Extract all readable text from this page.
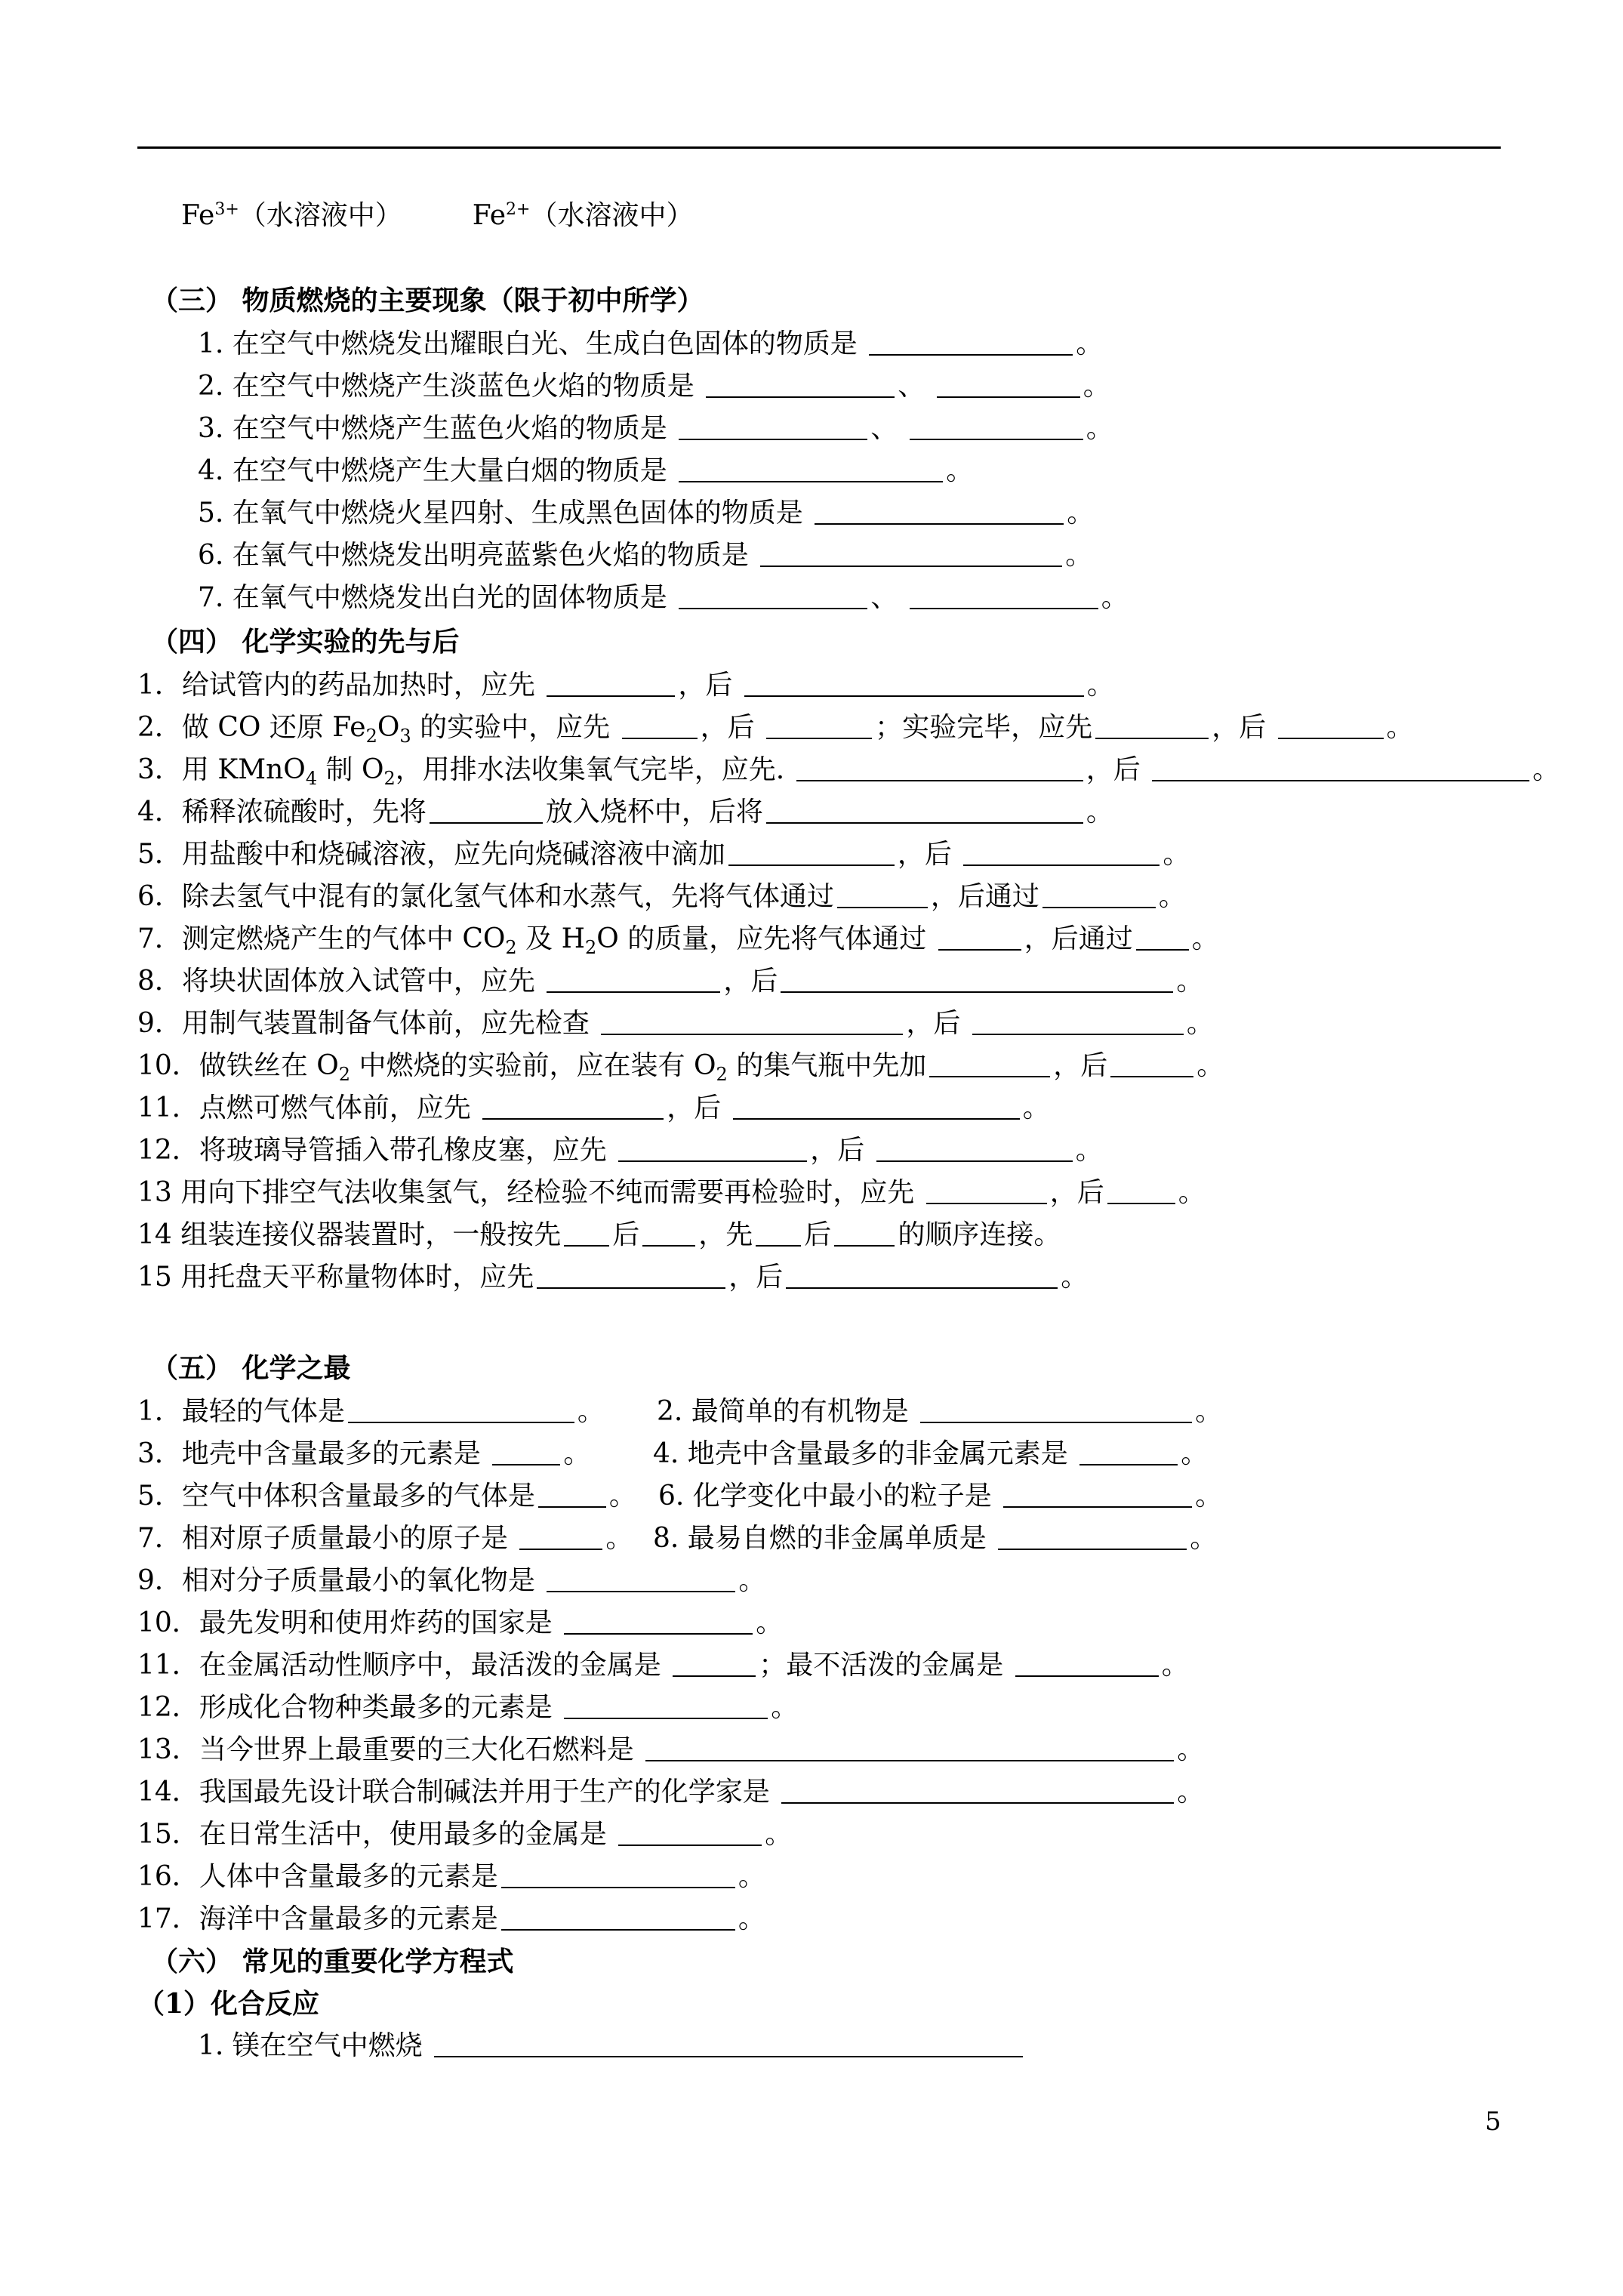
$Fe^{3+}$（水溶液中）	$Fe^{2+}$（水溶液中）
（三） 物质燃烧的主要现象（限于初中所学）
1. 在空气中燃烧发出耀眼白光、生成白色固体的物质是	。
2. 在空气中燃烧产生淡蓝色火焰的物质是	、	。
3. 在空气中燃烧产生蓝色火焰的物质是	、	。
4. 在空气中燃烧产生大量白烟的物质是	。
5. 在氧气中燃烧火星四射、生成黑色固体的物质是	。
6. 在氧气中燃烧发出明亮蓝紫色火焰的物质是	。
7. 在氧气中燃烧发出白光的固体物质是	、	。
（四） 化学实验的先与后
1．给试管内的药品加热时，应先	，后	。
2．做 CO 还原 $Fe_2O_3$ 的实验中，应先	，后	；实验完毕，应先	，后	。
3．用 KMnO$_4$ 制 $O_2$，用排水法收集氧气完毕，应先.	，后	。
4．稀释浓硫酸时，先将	放入烧杯中，后将	。
5．用盐酸中和烧碱溶液，应先向烧碱溶液中滴加	，后	。
6．除去氢气中混有的氯化氢气体和水蒸气，先将气体通过	，后通过	。
7．测定燃烧产生的气体中 $CO_2$ 及 $H_2O$ 的质量，应先将气体通过	，后通过 。
8．将块状固体放入试管中，应先	，后	。
9．用制气装置制备气体前，应先检查	，后	。
10．做铁丝在 $O_2$ 中燃烧的实验前，应在装有 $O_2$ 的集气瓶中先加	，后	。
11．点燃可燃气体前，应先	，后	。
12．将玻璃导管插入带孔橡皮塞，应先	，后	。
13 用向下排空气法收集氢气，经检验不纯而需要再检验时，应先	，后	。
14 组装连接仪器装置时，一般按先 后 ，先 后 的顺序连接。
15 用托盘天平称量物体时，应先	，后	。
（五） 化学之最
1．最轻的气体是	。 2. 最简单的有机物是	。
3．地壳中含量最多的元素是	。 4. 地壳中含量最多的非金属元素是	。
5．空气中体积含量最多的气体是	。 6. 化学变化中最小的粒子是	。
7．相对原子质量最小的原子是	。 8. 最易自燃的非金属单质是	。
9．相对分子质量最小的氧化物是	。
10．最先发明和使用炸药的国家是	。
11．在金属活动性顺序中，最活泼的金属是	；最不活泼的金属是	。
12．形成化合物种类最多的元素是	。
13．当今世界上最重要的三大化石燃料是	。
14．我国最先设计联合制碱法并用于生产的化学家是	。
15．在日常生活中，使用最多的金属是	。
16．人体中含量最多的元素是	。
17．海洋中含量最多的元素是	。
（六） 常见的重要化学方程式
（1）化合反应
1. 镁在空气中燃烧
5
